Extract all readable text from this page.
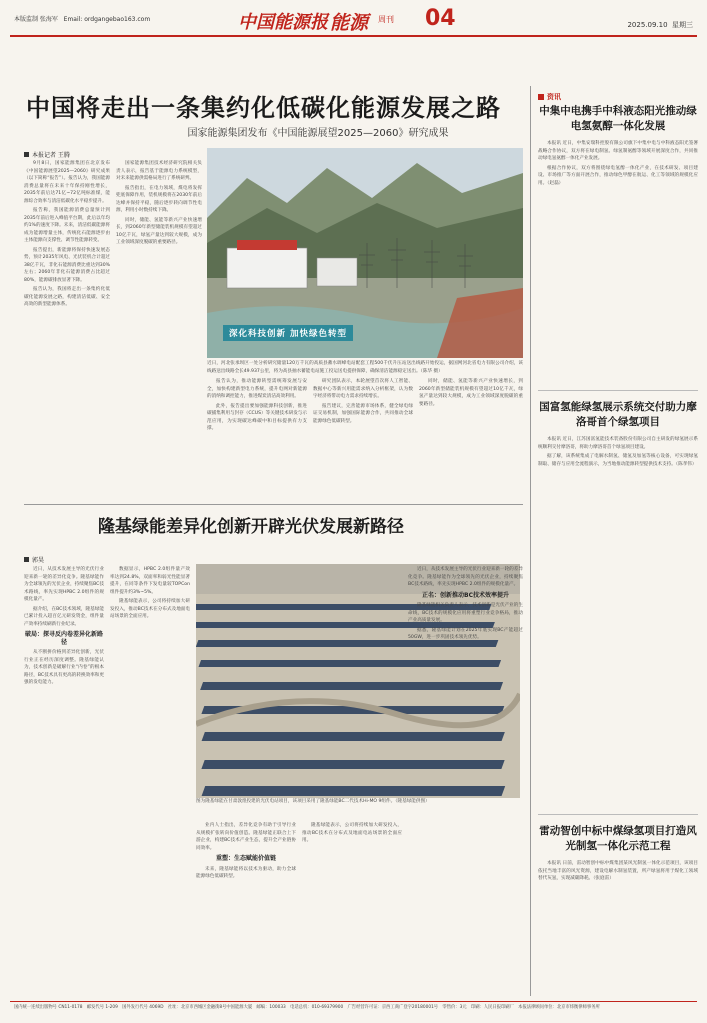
本版监制 张海军 Email: ordgangebao163.com	中国能源报 能源 周刊 04	2025.09.10 星期三
中国将走出一条集约化低碳化能源发展之路
国家能源集团发布《中国能源展望2025—2060》研究成果
本报记者 王腾

9月8日，国家能源集团在北京发布《中国能源展望2025—2060》研究成果（以下简称“报告”）。报告认为，我国能源消费总量将在未来十年保持刚性增长，2035年前后达71亿~72亿吨标准煤，能源综合效率与清洁低碳化水平稳步提升。

报告称，我国能源消费总量预计到2035年前后进入峰值平台期，此后以年均约1%的速度下降。未来，清洁低碳能源将成为能源增量主体，传统化石能源逐步由主体能源向支撑性、调节性能源转变。

报告提出，新能源将保持快速发展态势，预计2035年风电、光伏装机合计超过38亿千瓦，非化石能源消费比重达到30%左右；2060年非化石能源消费占比超过80%，能源碳排放显著下降。

报告认为，我国将走出一条集约化低碳化能源发展之路，构建清洁低碳、安全高效的新型能源体系。

国家能源集团技术经济研究院相关负责人表示，报告基于能源电力系统模型，对未来能源供需格局进行了系统研判。

报告指出，在电力领域，煤电将发挥兜底保障作用，装机规模将在2030年前后达峰并保持平稳，随后逐步转向调节性电源，利用小时数持续下降。

同时，储能、氢能等新兴产业快速增长，到2060年新型储能装机规模有望超过10亿千瓦，绿氢产量达到较大规模，成为工业领域深度脱碳的重要路径。

深化科技创新 加快绿色转型
近日，河北张承坝区一处分析研究储量120万千瓦的高质县蓄水调峰电站配套工程500千伏升压站送出线路开始投运，据国网河北省电力有限公司介绍，该线路送出线路全长49.937公里，将为高县抽水蓄能电站施工投运送电提供保障，确保清洁能源稳定送出。（陈华 摄）

报告认为，推动能源转型需统筹发展与安全，加快构建新型电力系统，提升电网对新能源的消纳和调控能力，推进煤炭清洁高效利用。

此外，报告提出要加强能源科技创新，推进碳捕集利用与封存（CCUS）等关键技术研发与示范应用，为实现碳达峰碳中和目标提供有力支撑。

研究团队表示，本轮展望首次将人工智能、数据中心等新兴用能需求纳入分析框架，认为数字经济将带动电力需求持续增长。

报告建议，完善能源市场体系，健全绿电绿证交易机制，加强国际能源合作，共同推动全球能源绿色低碳转型。

同时，储能、氢能等新兴产业快速增长，到2060年新型储能装机规模有望超过10亿千瓦，绿氢产量达到较大规模，成为工业领域深度脱碳的重要路径。

隆基绿能差异化创新开辟光伏发展新路径
郭昊

近日，从技术发展主导的光伏行业迎来新一轮的差异化竞争。隆基绿能作为全球领先的光伏企业，持续聚焦BC技术路线，率先实现HPBC 2.0组件的规模化量产。

据介绍，在BC技术领域，隆基绿能已累计投入超百亿元研发资金，组件量产效率持续刷新行业纪录。

破局：探寻反内卷差异化新路径

从不断拼价格到差异化创新，光伏行业正在经历深度调整。隆基绿能认为，技术创新是破解行业“内卷”的根本路径，BC技术具有更高的转换效率和更强的发电能力。

数据显示，HPBC 2.0组件量产效率达到24.8%，双面率和弱光性能显著提升，在同等条件下发电量较TOPCon组件提升约3%~5%。

隆基绿能表示，公司将持续加大研发投入，推动BC技术在分布式及地面电站场景的全面应用。

图为隆基绿能在甘肃敦煌投建的光伏电站项目，该项目采用了隆基绿能BC二代技术Hi-MO 9组件。（隆基绿能供图）

业内人士指出，差异化竞争有助于引导行业从规模扩张转向价值创造。隆基绿能正联合上下游企业，构建BC技术产业生态，提升全产业链协同效率。

重塑：生态赋能价值链

未来，隆基绿能将以技术为驱动，助力全球能源绿色低碳转型。

隆基绿能表示，公司将持续加大研发投入，推动BC技术在分布式及地面电站场景的全面应用。

近日，从技术发展主导的光伏行业迎来新一轮的差异化竞争。隆基绿能作为全球领先的光伏企业，持续聚焦BC技术路线，率先实现HPBC 2.0组件的规模化量产。

正名：创新推动BC技术效率提升

隆基绿能相关负责人表示，技术创新是光伏产业的生命线，BC技术的规模化应用将重塑行业竞争格局，推动产业高质量发展。

据悉，隆基绿能计划在2025年底实现BC产能超过50GW，进一步巩固技术领先优势。

资讯
中集中电携手中科液态阳光推动绿电氢氨醇一体化发展

本报讯 近日，中集安瑞科控股有限公司旗下中集中电与中科液态阳光签署战略合作协议，双方将在绿电制氢、绿氢制氨醇等领域开展深度合作，共同推动绿电氢氨醇一体化产业发展。

根据合作协议，双方将围绕绿电氢醇一体化产业，在技术研发、项目建设、市场推广等方面开展合作，推动绿色甲醇在航运、化工等领域的规模化应用。（赵磊）

国富氢能绿氢展示系统交付助力摩洛哥首个绿氢项目

本报讯 近日，江苏国富氢能技术装备股份有限公司自主研发的绿氢展示系统顺利交付摩洛哥，将助力摩洛哥首个绿氢项目建设。

据了解，该系统集成了电解水制氢、储氢及加氢等核心设备，可实现绿氢制取、储存与应用全流程演示，为当地推动能源转型提供技术支持。（陈孝伟）

雷动智创中标中煤绿氢项目打造风光制氢一体化示范工程

本报讯 日前，雷动智创中标中煤集团某风光制氢一体化示范项目，该项目依托当地丰富的风光资源，建设电解水制氢装置，所产绿氢将用于煤化工领域替代灰氢，实现减碳降耗。（张庭雷）

国内统一连续出版物号 CN11-0178　邮发代号 1-209　国外发行代号 4069D　社址：北京市西城区金融街8号中国能源大厦　邮编：100033　电话总机：010-69379900　广告经营许可证：京西工商广登字20180001号　零售价：3元　印刷：人民日报印刷厂　本报法律顾问单位：北京市炜衡律师事务所
